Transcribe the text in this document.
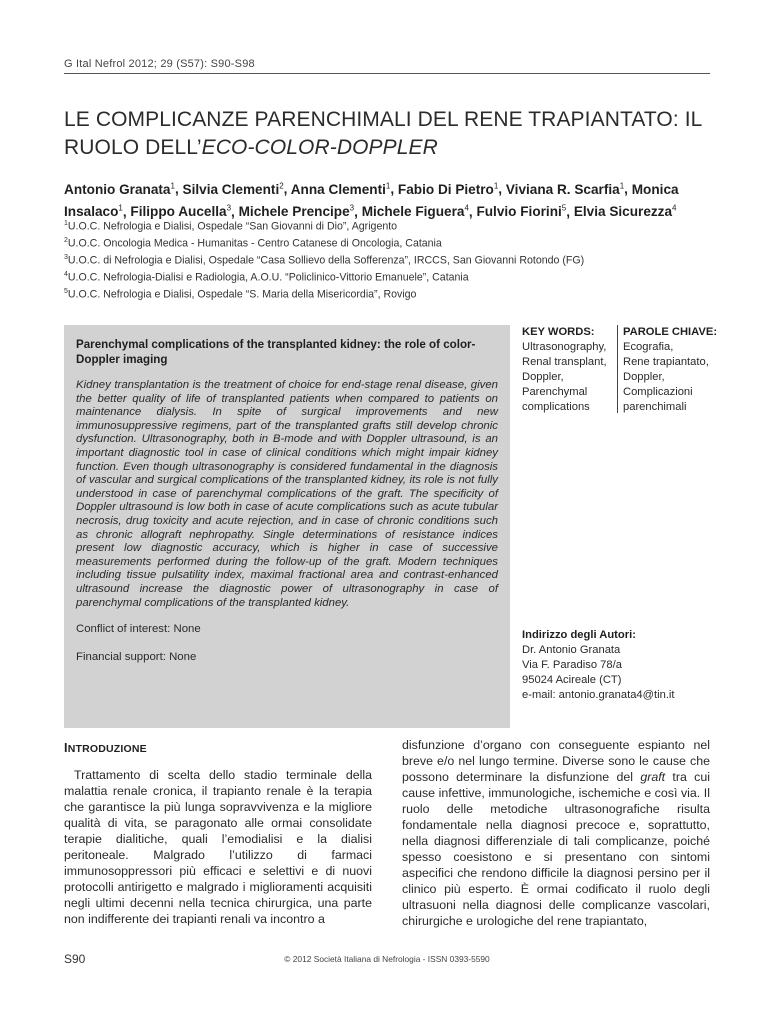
G Ital Nefrol 2012; 29 (S57): S90-S98
LE COMPLICANZE PARENCHIMALI DEL RENE TRAPIANTATO: IL RUOLO DELL’ECO-COLOR-DOPPLER
Antonio Granata$^1$, Silvia Clementi$^2$, Anna Clementi$^1$, Fabio Di Pietro$^1$, Viviana R. Scarfia$^1$, Monica Insalaco$^1$, Filippo Aucella$^3$, Michele Prencipe$^3$, Michele Figuera$^4$, Fulvio Fiorini$^5$, Elvia Sicurezza$^4$
$^1$U.O.C. Nefrologia e Dialisi, Ospedale “San Giovanni di Dio”, Agrigento
$^2$U.O.C. Oncologia Medica - Humanitas - Centro Catanese di Oncologia, Catania
$^3$U.O.C. di Nefrologia e Dialisi, Ospedale “Casa Sollievo della Sofferenza”, IRCCS, San Giovanni Rotondo (FG)
$^4$U.O.C. Nefrologia-Dialisi e Radiologia, A.O.U. “Policlinico-Vittorio Emanuele”, Catania
$^5$U.O.C. Nefrologia e Dialisi, Ospedale “S. Maria della Misericordia”, Rovigo
Parenchymal complications of the transplanted kidney: the role of color-Doppler imaging
Kidney transplantation is the treatment of choice for end-stage renal disease, given the better quality of life of transplanted patients when compared to patients on maintenance dialysis. In spite of surgical improvements and new immunosuppressive regimens, part of the transplanted grafts still develop chronic dysfunction. Ultrasonography, both in B-mode and with Doppler ultrasound, is an important diagnostic tool in case of clinical conditions which might impair kidney function. Even though ultrasonography is considered fundamental in the diagnosis of vascular and surgical complications of the transplanted kidney, its role is not fully understood in case of parenchymal complications of the graft. The specificity of Doppler ultrasound is low both in case of acute complications such as acute tubular necrosis, drug toxicity and acute rejection, and in case of chronic conditions such as chronic allograft nephropathy. Single determinations of resistance indices present low diagnostic accuracy, which is higher in case of successive measurements performed during the follow-up of the graft. Modern techniques including tissue pulsatility index, maximal fractional area and contrast-enhanced ultrasound increase the diagnostic power of ultrasonography in case of parenchymal complications of the transplanted kidney.
Conflict of interest: None
Financial support: None
KEY WORDS:
Ultrasonography,
Renal transplant,
Doppler,
Parenchymal
complications
PAROLE CHIAVE:
Ecografia,
Rene trapiantato,
Doppler,
Complicazioni
parenchimali
Indirizzo degli Autori:
Dr. Antonio Granata
Via F. Paradiso 78/a
95024 Acireale (CT)
e-mail: antonio.granata4@tin.it
INTRODUZIONE

Trattamento di scelta dello stadio terminale della malattia renale cronica, il trapianto renale è la terapia che garantisce la più lunga sopravvivenza e la migliore qualità di vita, se paragonato alle ormai consolidate terapie dialitiche, quali l’emodialisi e la dialisi peritoneale. Malgrado l’utilizzo di farmaci immunosoppressori più efficaci e selettivi e di nuovi protocolli antirigetto e malgrado i miglioramenti acquisiti negli ultimi decenni nella tecnica chirurgica, una parte non indifferente dei trapianti renali va incontro a

disfunzione d’organo con conseguente espianto nel breve e/o nel lungo termine. Diverse sono le cause che possono determinare la disfunzione del graft tra cui cause infettive, immunologiche, ischemiche e così via. Il ruolo delle metodiche ultrasonografiche risulta fondamentale nella diagnosi precoce e, soprattutto, nella diagnosi differenziale di tali complicanze, poiché spesso coesistono e si presentano con sintomi aspecifici che rendono difficile la diagnosi persino per il clinico più esperto. È ormai codificato il ruolo degli ultrasuoni nella diagnosi delle complicanze vascolari, chirurgiche e urologiche del rene trapiantato,

S90	© 2012 Società Italiana di Nefrologia - ISSN 0393-5590
